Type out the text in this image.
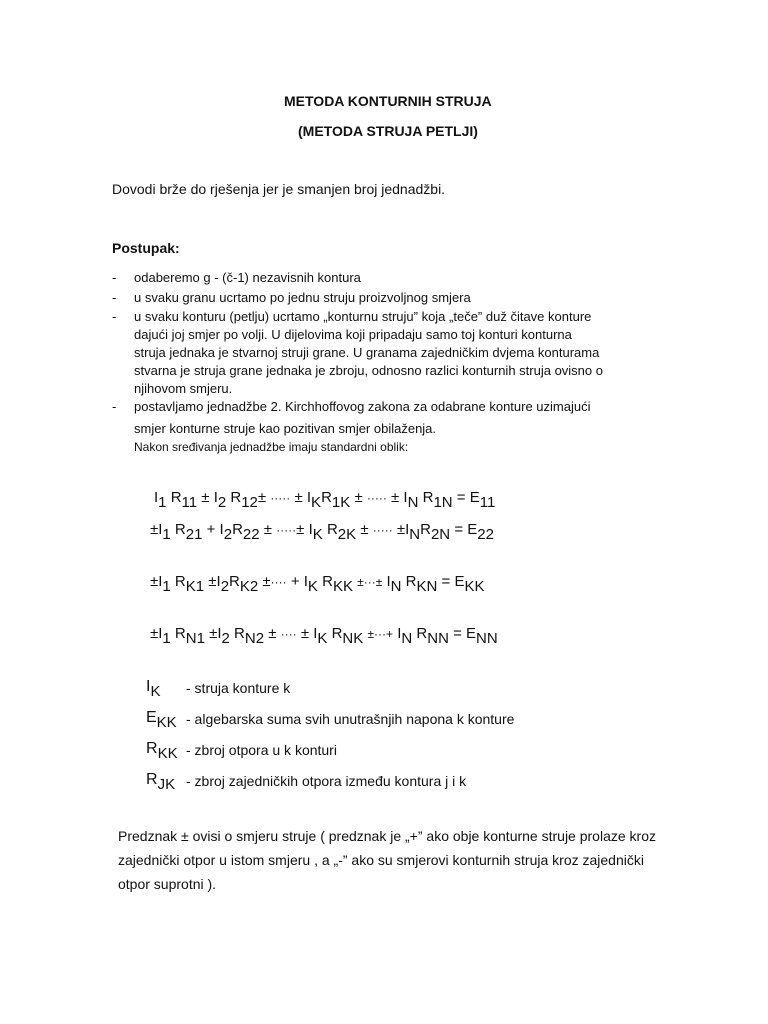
METODA KONTURNIH STRUJA
(METODA STRUJA PETLJI)
Dovodi brže do rješenja jer je smanjen broj jednadžbi.
Postupak:
- odaberemo g - (č-1) nezavisnih kontura
- u svaku granu ucrtamo po jednu struju proizvoljnog smjera
- u svaku konturu (petlju) ucrtamo „konturnu struju” koja „teče” duž čitave konture
dajući joj smjer po volji. U dijelovima koji pripadaju samo toj konturi konturna
struja jednaka je stvarnoj struji grane. U granama zajedničkim dvjema konturama
stvarna je struja grane jednaka je zbroju, odnosno razlici konturnih struja ovisno o
njihovom smjeru.
- postavljamo jednadžbe 2. Kirchhoffovog zakona za odabrane konture uzimajući
smjer konturne struje kao pozitivan smjer obilaženja.
Nakon sređivanja jednadžbe imaju standardni oblik:
$I_1$ $R_{11} \pm I_2$ $R_{12}\pm$ ····· ± $I_KR_{1K}$ ± ····· ± $I_N$ $R_{1N} = E_{11}$
$\pm I_1$ $R_{21} + I_2R_{22}$ ± ·····± $I_K$ $R_{2K}$ ± ····· $\pm I_NR_{2N} = E_{22}$
$\pm I_1$ $R_{K1} \pm I_2R_{K2}$ ±···· + $I_K$ $R_{KK}$ ±···± $I_N$ $R_{KN} = E_{KK}$
$\pm I_1$ $R_{N1} \pm I_2$ $R_{N2}$ ± ···· ± $I_K$ $R_{NK}$ ±···+ $I_N$ $R_{NN} = E_{NN}$
$I_K$ - struja konture k
$E_{KK}$ - algebarska suma svih unutrašnjih napona k konture
$R_{KK}$ - zbroj otpora u k konturi
$R_{JK}$ - zbroj zajedničkih otpora između kontura j i k
Predznak ± ovisi o smjeru struje ( predznak je „+” ako obje konturne struje prolaze kroz zajednički otpor u istom smjeru , a „-” ako su smjerovi konturnih struja kroz zajednički otpor suprotni ).
